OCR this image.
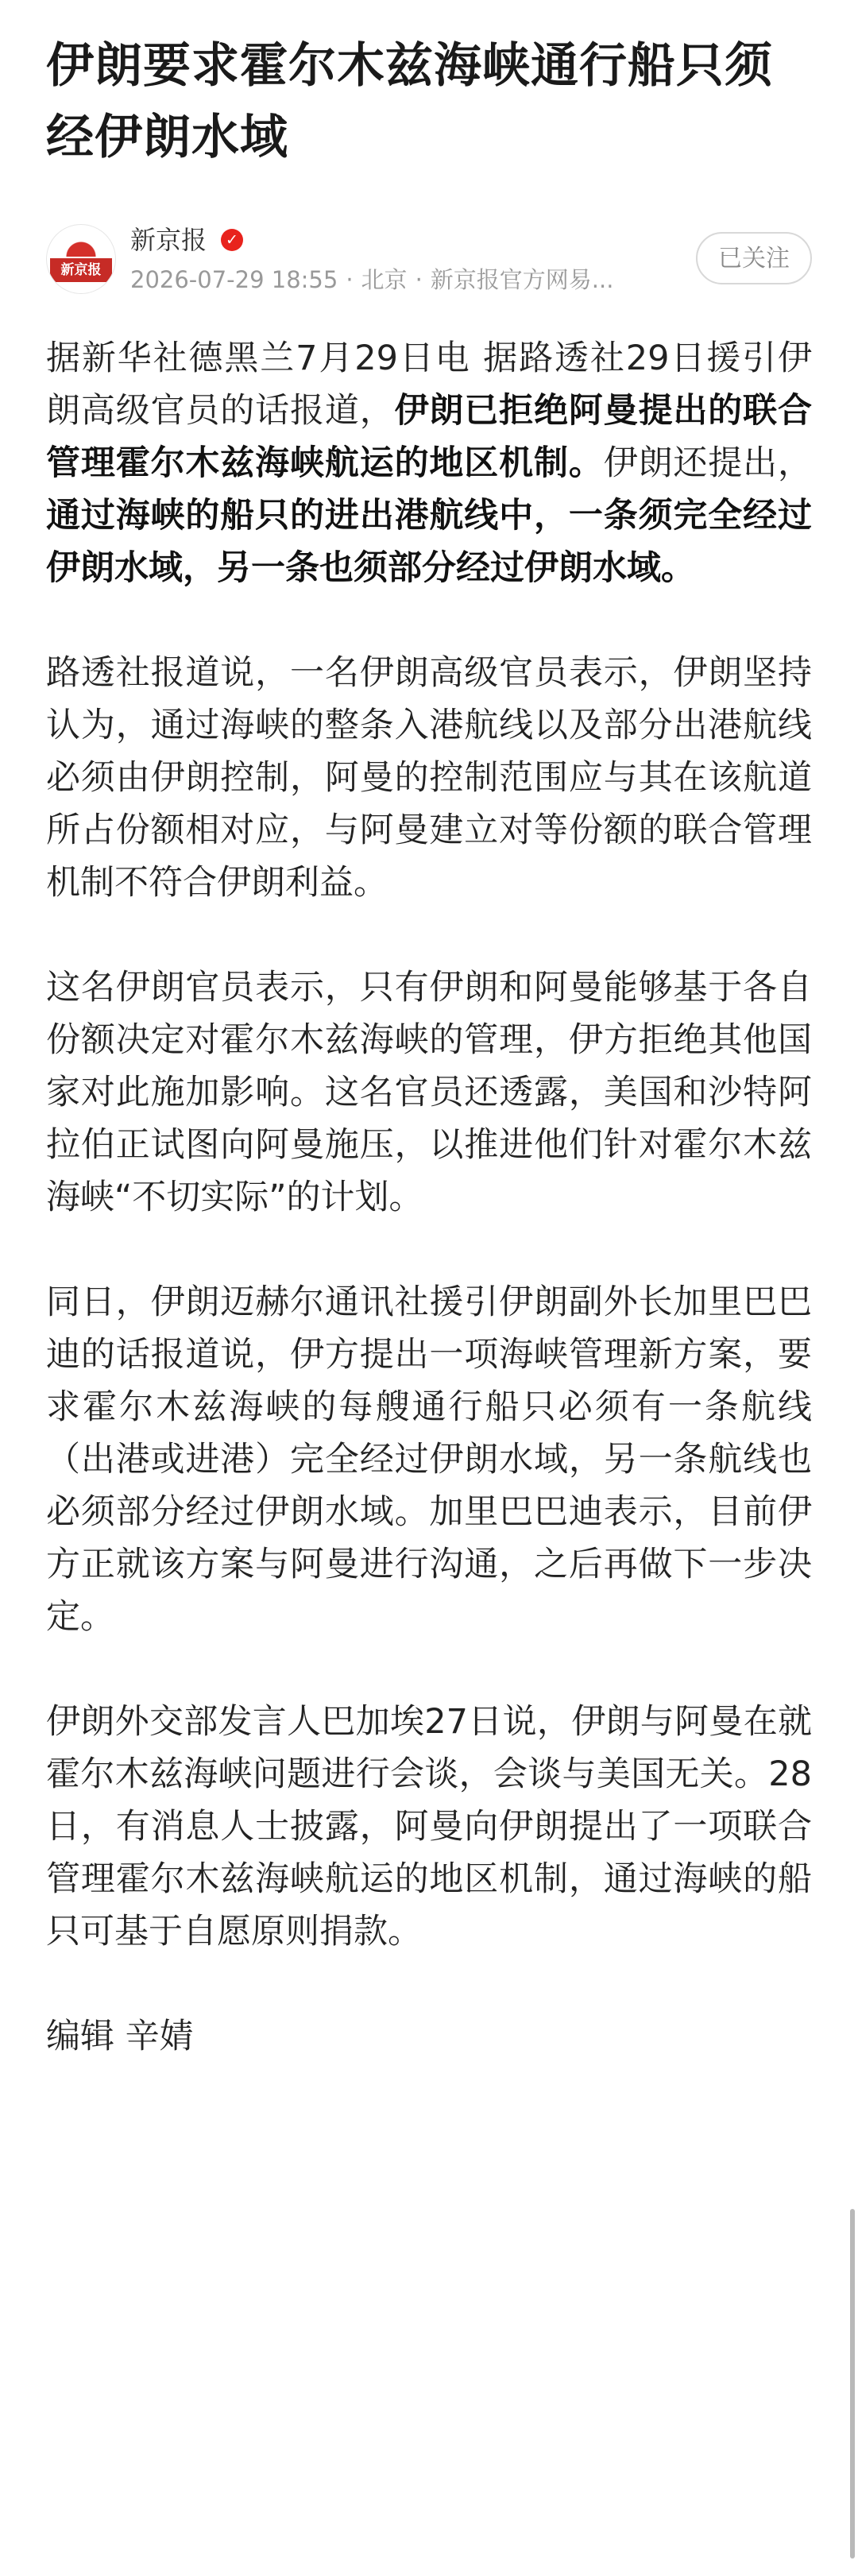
伊朗要求霍尔木兹海峡通行船只须经伊朗水域
新京报
新京报	✓
2026-07-29 18:55 · 北京 · 新京报官方网易...
已关注

据新华社德黑兰7月29日电 据路透社29日援引伊朗高级官员的话报道，伊朗已拒绝阿曼提出的联合管理霍尔木兹海峡航运的地区机制。伊朗还提出，通过海峡的船只的进出港航线中，一条须完全经过伊朗水域，另一条也须部分经过伊朗水域。

路透社报道说，一名伊朗高级官员表示，伊朗坚持认为，通过海峡的整条入港航线以及部分出港航线必须由伊朗控制，阿曼的控制范围应与其在该航道所占份额相对应，与阿曼建立对等份额的联合管理机制不符合伊朗利益。

这名伊朗官员表示，只有伊朗和阿曼能够基于各自份额决定对霍尔木兹海峡的管理，伊方拒绝其他国家对此施加影响。这名官员还透露，美国和沙特阿拉伯正试图向阿曼施压，以推进他们针对霍尔木兹海峡“不切实际”的计划。

同日，伊朗迈赫尔通讯社援引伊朗副外长加里巴巴迪的话报道说，伊方提出一项海峡管理新方案，要求霍尔木兹海峡的每艘通行船只必须有一条航线（出港或进港）完全经过伊朗水域，另一条航线也必须部分经过伊朗水域。加里巴巴迪表示，目前伊方正就该方案与阿曼进行沟通，之后再做下一步决定。

伊朗外交部发言人巴加埃27日说，伊朗与阿曼在就霍尔木兹海峡问题进行会谈，会谈与美国无关。28日，有消息人士披露，阿曼向伊朗提出了一项联合管理霍尔木兹海峡航运的地区机制，通过海峡的船只可基于自愿原则捐款。

编辑 辛婧
